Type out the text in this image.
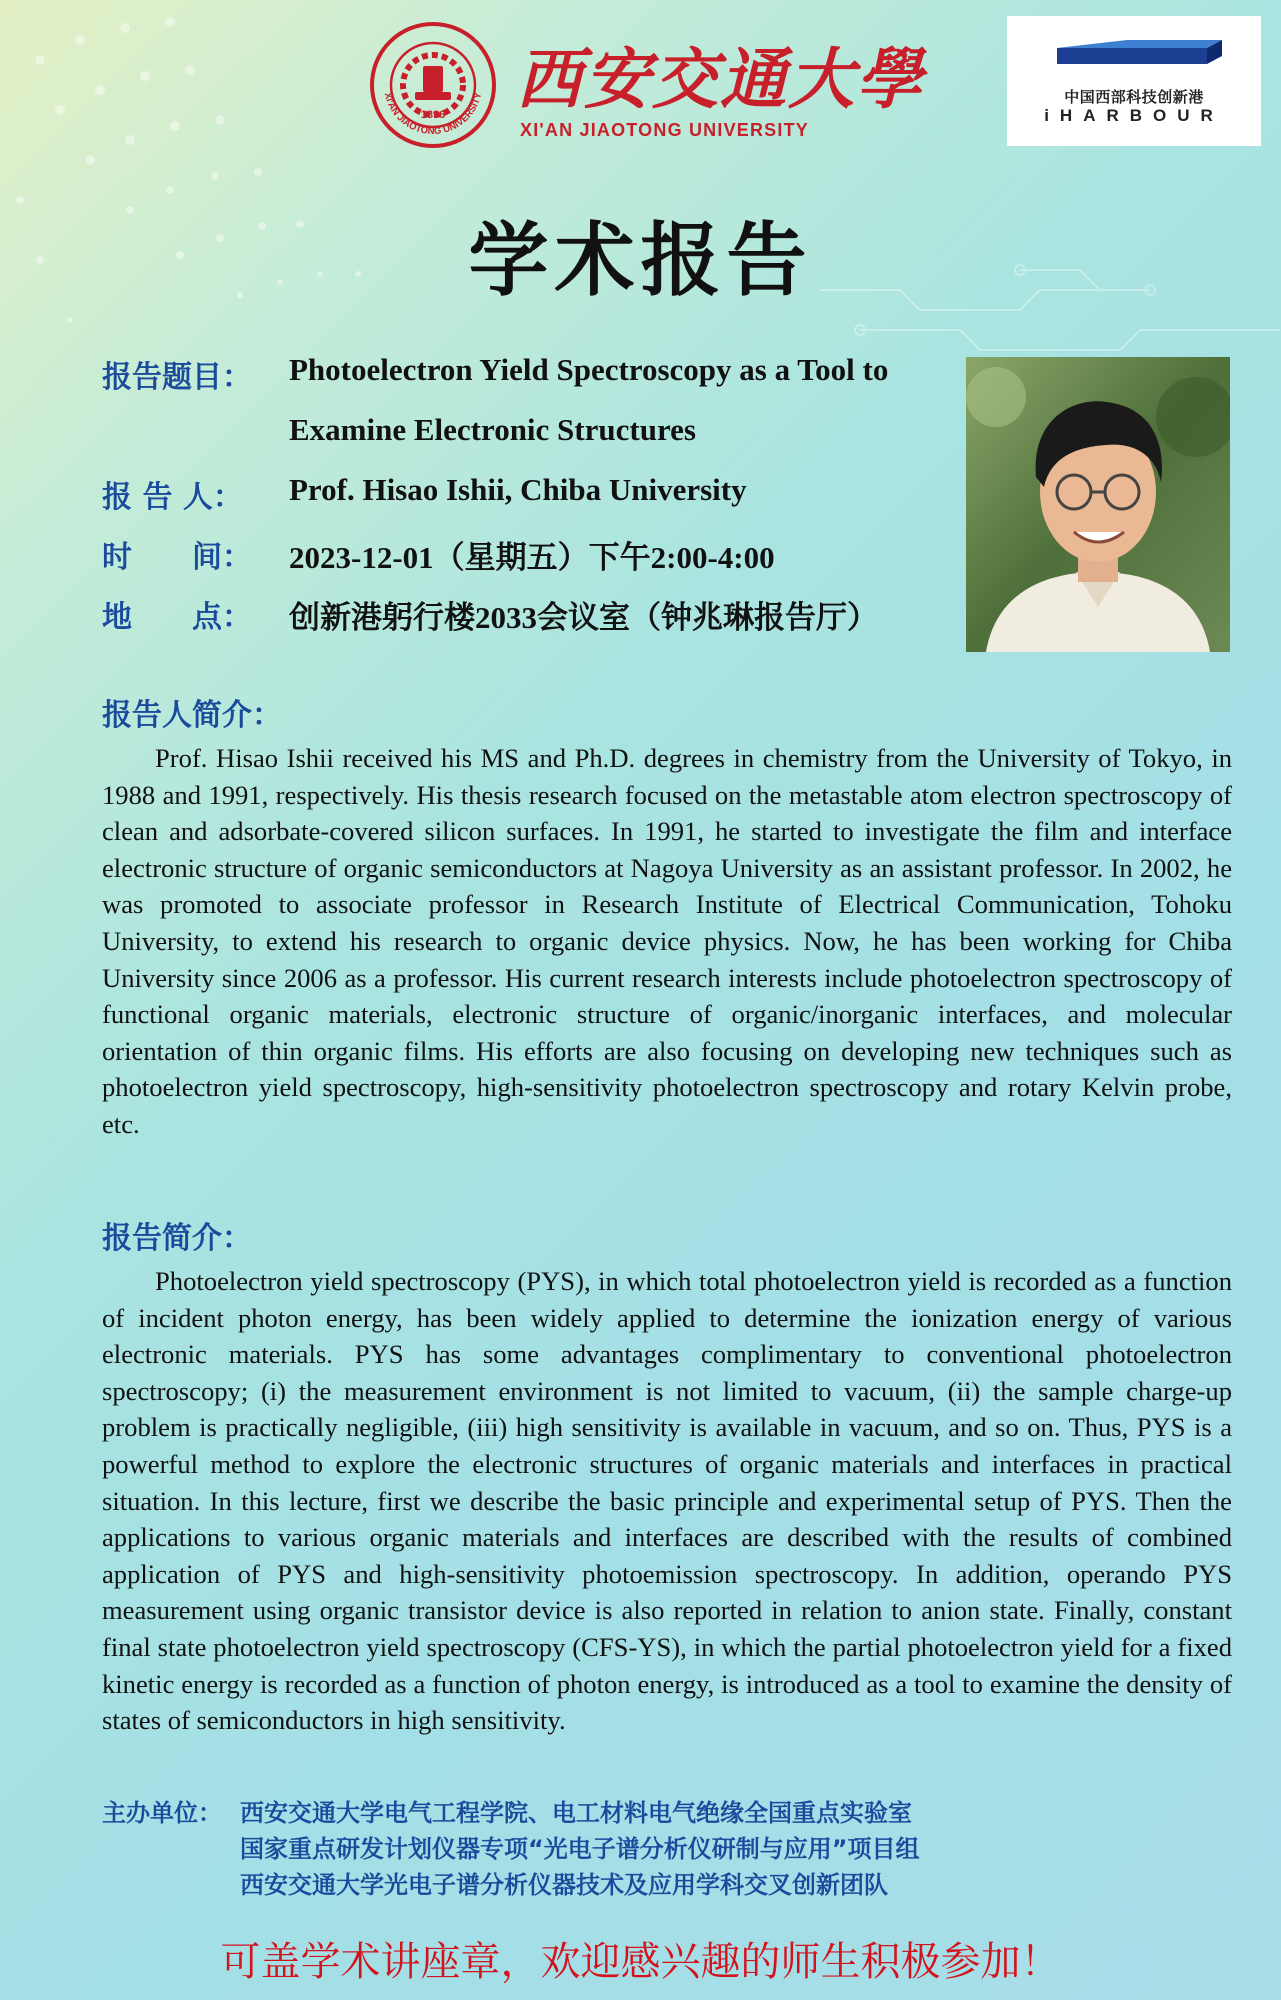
1896
XI'AN JIAOTONG UNIVERSITY 西安交通大學
XI'AN JIAOTONG UNIVERSITY
中国西部科技创新港
iHARBOUR
学术报告
报告题目： Photoelectron Yield Spectroscopy as a Tool to
Examine Electronic Structures
报 告 人： Prof. Hisao Ishii, Chiba University
时　　间： 2023-12-01（星期五）下午2:00-4:00
地　　点： 创新港躬行楼2033会议室（钟兆琳报告厅）
报告人简介：

Prof. Hisao Ishii received his MS and Ph.D. degrees in chemistry from the University of Tokyo, in 1988 and 1991, respectively. His thesis research focused on the metastable atom electron spectroscopy of clean and adsorbate-covered silicon surfaces. In 1991, he started to investigate the film and interface electronic structure of organic semiconductors at Nagoya University as an assistant professor. In 2002, he was promoted to associate professor in Research Institute of Electrical Communication, Tohoku University, to extend his research to organic device physics. Now, he has been working for Chiba University since 2006 as a professor. His current research interests include photoelectron spectroscopy of functional organic materials, electronic structure of organic/inorganic interfaces, and molecular orientation of thin organic films. His efforts are also focusing on developing new techniques such as photoelectron yield spectroscopy, high-sensitivity photoelectron spectroscopy and rotary Kelvin probe, etc.

报告简介：

Photoelectron yield spectroscopy (PYS), in which total photoelectron yield is recorded as a function of incident photon energy, has been widely applied to determine the ionization energy of various electronic materials. PYS has some advantages complimentary to conventional photoelectron spectroscopy; (i) the measurement environment is not limited to vacuum, (ii) the sample charge-up problem is practically negligible, (iii) high sensitivity is available in vacuum, and so on. Thus, PYS is a powerful method to explore the electronic structures of organic materials and interfaces in practical situation. In this lecture, first we describe the basic principle and experimental setup of PYS. Then the applications to various organic materials and interfaces are described with the results of combined application of PYS and high-sensitivity photoemission spectroscopy. In addition, operando PYS measurement using organic transistor device is also reported in relation to anion state. Finally, constant final state photoelectron yield spectroscopy (CFS-YS), in which the partial photoelectron yield for a fixed kinetic energy is recorded as a function of photon energy, is introduced as a tool to examine the density of states of semiconductors in high sensitivity.

主办单位： 西安交通大学电气工程学院、电工材料电气绝缘全国重点实验室
国家重点研发计划仪器专项“光电子谱分析仪研制与应用”项目组
西安交通大学光电子谱分析仪器技术及应用学科交叉创新团队
可盖学术讲座章，欢迎感兴趣的师生积极参加！
